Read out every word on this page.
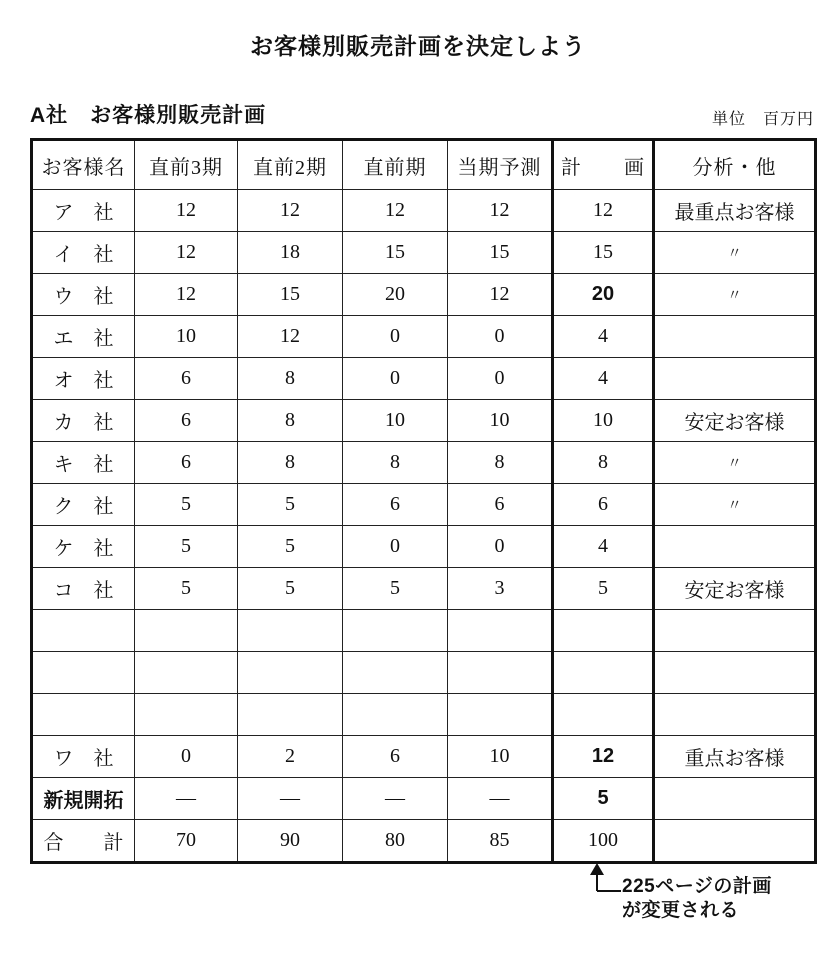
お客様別販売計画を決定しよう
A社　お客様別販売計画	単位　百万円
お客様名	直前3期	直前2期	直前期	当期予測	計　　画	分析・他
ア　社	12	12	12	12	12	最重点お客様
イ　社	12	18	15	15	15	〃
ウ　社	12	15	20	12	20	〃
エ　社	10	12	0	0	4	
オ　社	6	8	0	0	4	
カ　社	6	8	10	10	10	安定お客様
キ　社	6	8	8	8	8	〃
ク　社	5	5	6	6	6	〃
ケ　社	5	5	0	0	4	
コ　社	5	5	5	3	5	安定お客様

ワ　社	0	2	6	10	12	重点お客様
新規開拓	―	―	―	―	5	
合　　計	70	90	80	85	100	
225ページの計画
が変更される
